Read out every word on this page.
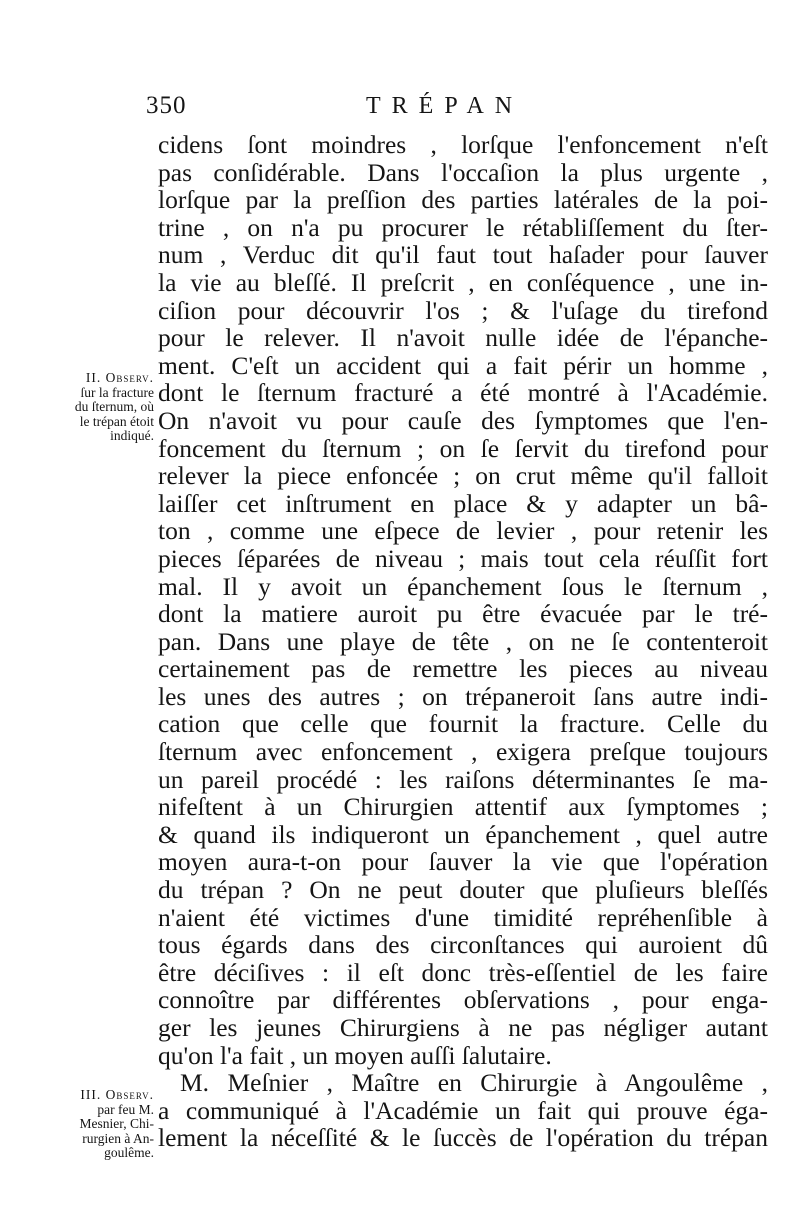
350	TRÉPAN
cidens ſont moindres , lorſque l'enfoncement n'eſt
pas conſidérable. Dans l'occaſion la plus urgente ,
lorſque par la preſſion des parties latérales de la poi-
trine , on n'a pu procurer le rétabliſſement du ſter-
num , Verduc dit qu'il faut tout haſader pour ſauver
la vie au bleſſé. Il preſcrit , en conſéquence , une in-
ciſion pour découvrir l'os ; & l'uſage du tirefond
pour le relever. Il n'avoit nulle idée de l'épanche-
ment. C'eſt un accident qui a fait périr un homme ,
dont le ſternum fracturé a été montré à l'Académie.
On n'avoit vu pour cauſe des ſymptomes que l'en-
foncement du ſternum ; on ſe ſervit du tirefond pour
relever la piece enfoncée ; on crut même qu'il falloit
laiſſer cet inſtrument en place & y adapter un bâ-
ton , comme une eſpece de levier , pour retenir les
pieces ſéparées de niveau ; mais tout cela réuſſit fort
mal. Il y avoit un épanchement ſous le ſternum ,
dont la matiere auroit pu être évacuée par le tré-
pan. Dans une playe de tête , on ne ſe contenteroit
certainement pas de remettre les pieces au niveau
les unes des autres ; on trépaneroit ſans autre indi-
cation que celle que fournit la fracture. Celle du
ſternum avec enfoncement , exigera preſque toujours
un pareil procédé : les raiſons déterminantes ſe ma-
nifeſtent à un Chirurgien attentif aux ſymptomes ;
& quand ils indiqueront un épanchement , quel autre
moyen aura-t-on pour ſauver la vie que l'opération
du trépan ? On ne peut douter que pluſieurs bleſſés
n'aient été victimes d'une timidité repréhenſible à
tous égards dans des circonſtances qui auroient dû
être déciſives : il eſt donc très-eſſentiel de les faire
connoître par différentes obſervations , pour enga-
ger les jeunes Chirurgiens à ne pas négliger autant
qu'on l'a fait , un moyen auſſi ſalutaire.
M. Meſnier , Maître en Chirurgie à Angoulême ,
a communiqué à l'Académie un fait qui prouve éga-
lement la néceſſité & le ſuccès de l'opération du trépan
II. Observ.
ſur la fracture
du ſternum, où
le trépan étoit
indiqué.
III. Observ.
par feu M.
Mesnier, Chi-
rurgien à An-
goulême.
